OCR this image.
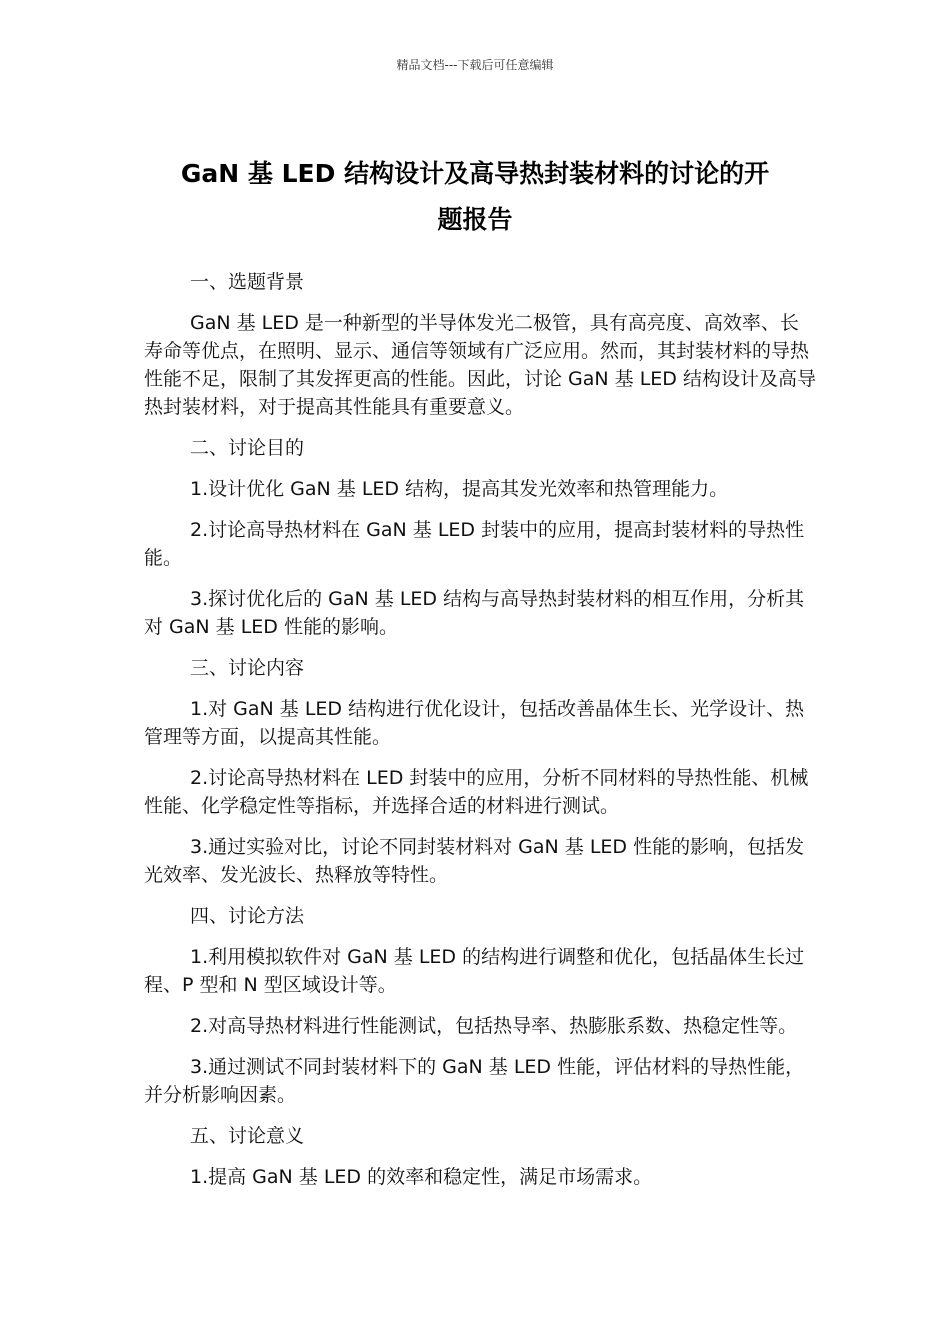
精品文档---下载后可任意编辑
GaN 基 LED 结构设计及高导热封装材料的讨论的开
题报告
一、选题背景

GaN 基 LED 是一种新型的半导体发光二极管，具有高亮度、高效率、长寿命等优点，在照明、显示、通信等领域有广泛应用。然而，其封装材料的导热性能不足，限制了其发挥更高的性能。因此，讨论 GaN 基 LED 结构设计及高导热封装材料，对于提高其性能具有重要意义。

二、讨论目的

1.设计优化 GaN 基 LED 结构，提高其发光效率和热管理能力。

2.讨论高导热材料在 GaN 基 LED 封装中的应用，提高封装材料的导热性能。

3.探讨优化后的 GaN 基 LED 结构与高导热封装材料的相互作用，分析其对 GaN 基 LED 性能的影响。

三、讨论内容

1.对 GaN 基 LED 结构进行优化设计，包括改善晶体生长、光学设计、热管理等方面，以提高其性能。

2.讨论高导热材料在 LED 封装中的应用，分析不同材料的导热性能、机械性能、化学稳定性等指标，并选择合适的材料进行测试。

3.通过实验对比，讨论不同封装材料对 GaN 基 LED 性能的影响，包括发光效率、发光波长、热释放等特性。

四、讨论方法

1.利用模拟软件对 GaN 基 LED 的结构进行调整和优化，包括晶体生长过程、P 型和 N 型区域设计等。

2.对高导热材料进行性能测试，包括热导率、热膨胀系数、热稳定性等。

3.通过测试不同封装材料下的 GaN 基 LED 性能，评估材料的导热性能，并分析影响因素。

五、讨论意义

1.提高 GaN 基 LED 的效率和稳定性，满足市场需求。
